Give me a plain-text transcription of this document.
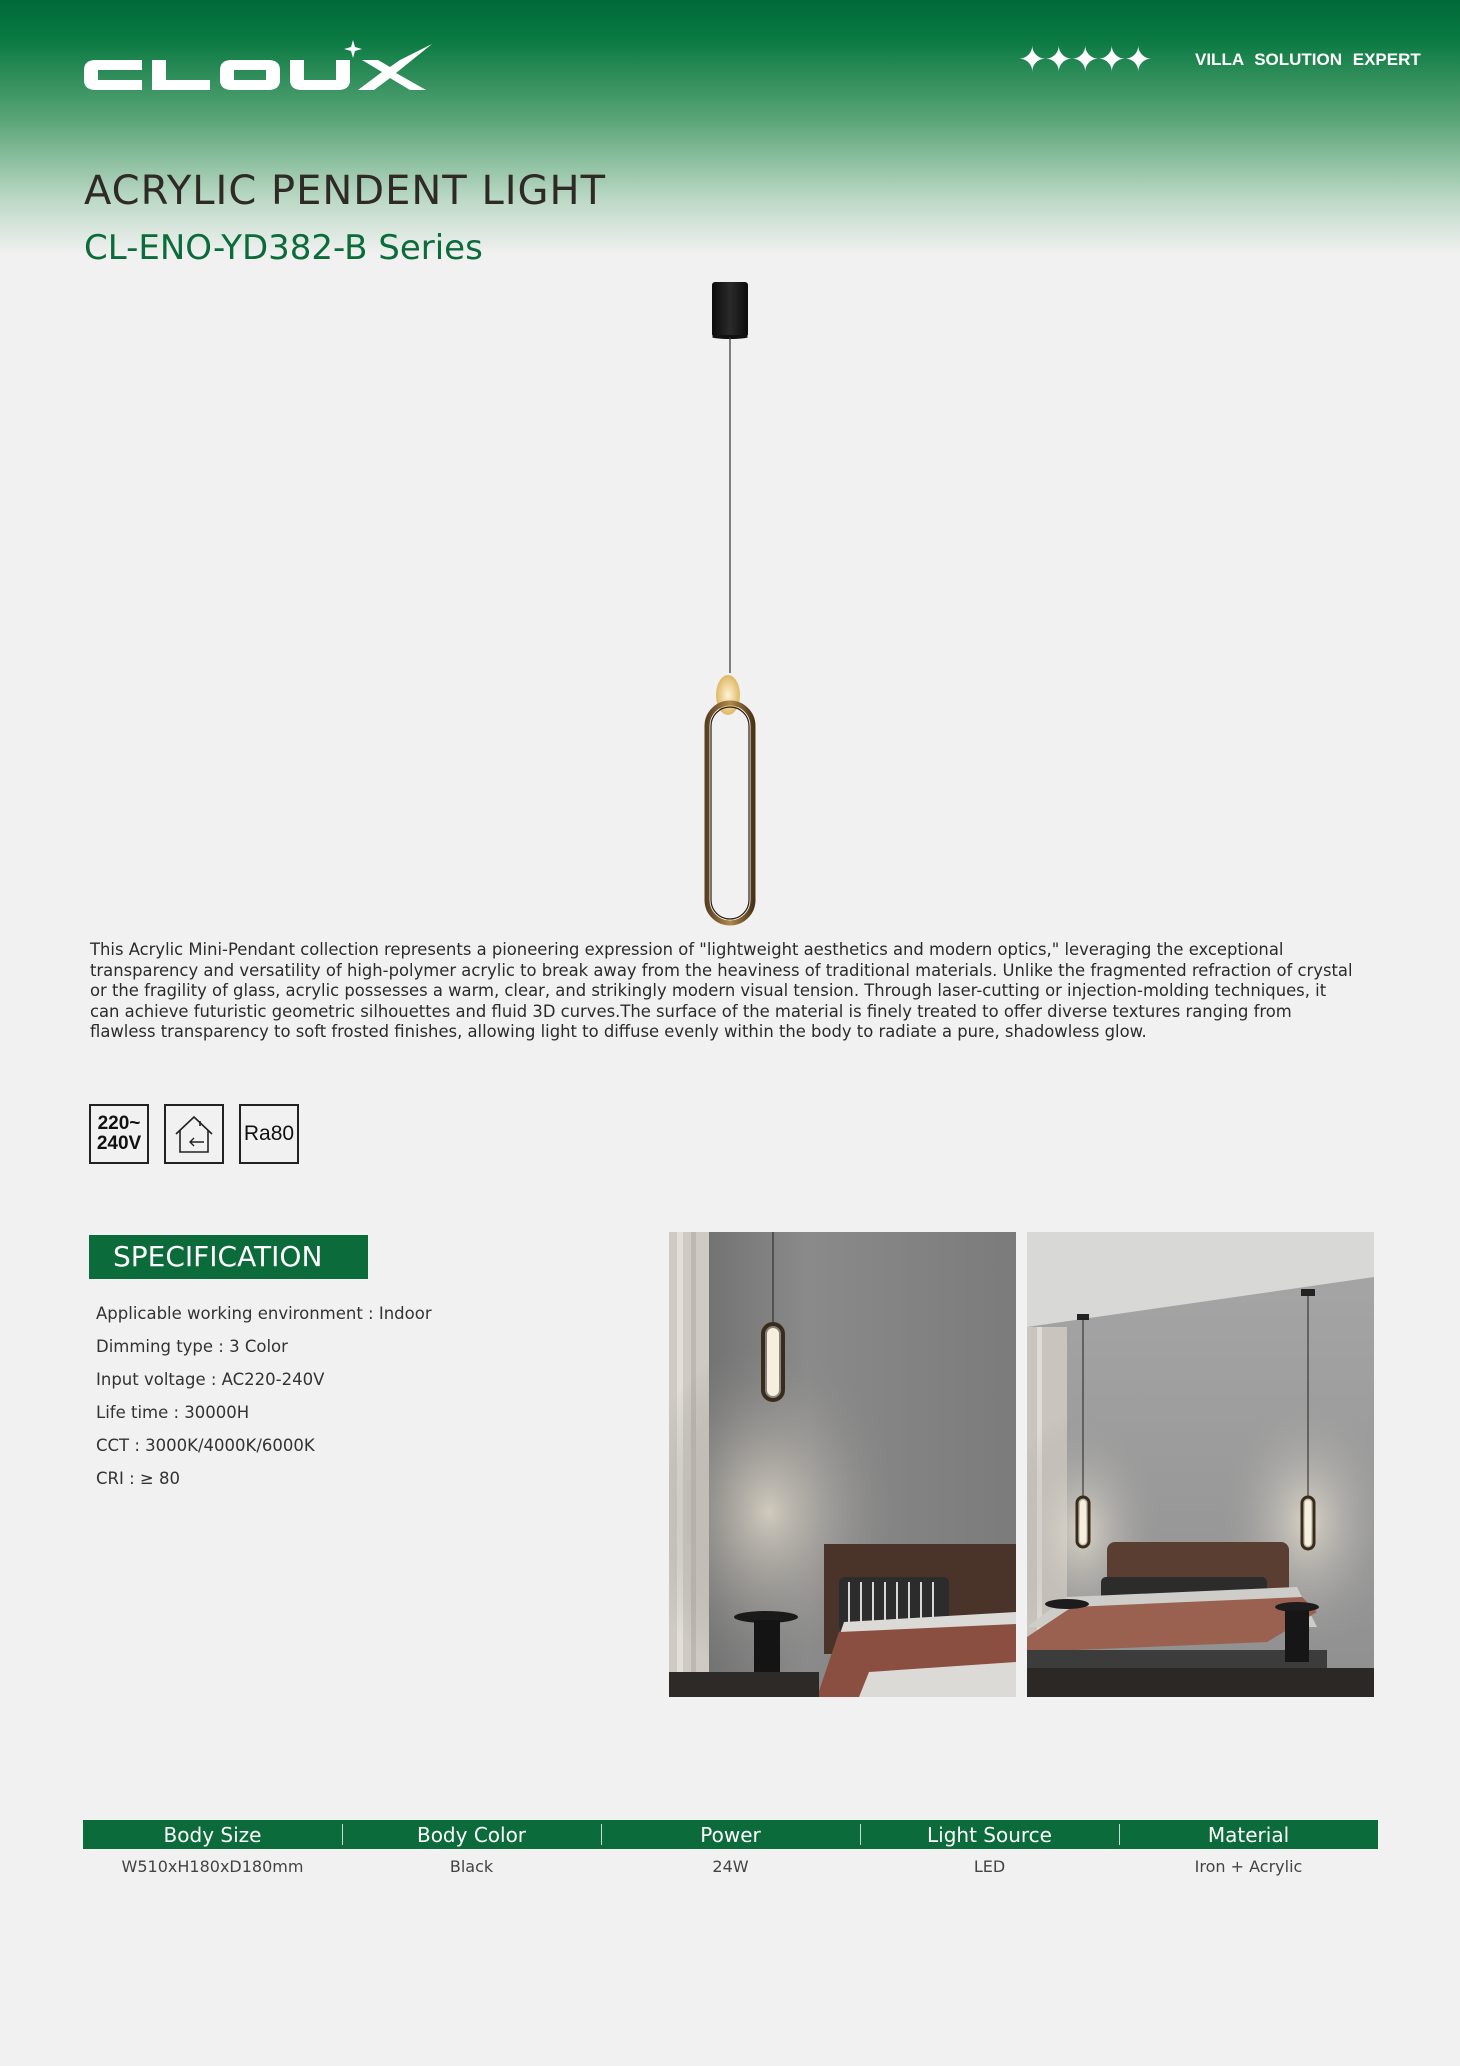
CLOUX	✦✦✦✦✦	VILLA SOLUTION EXPERT
ACRYLIC PENDENT LIGHT
CL-ENO-YD382-B Series
This Acrylic Mini-Pendant collection represents a pioneering expression of "lightweight aesthetics and modern optics," leveraging the exceptional transparency and versatility of high-polymer acrylic to break away from the heaviness of traditional materials. Unlike the fragmented refraction of crystal or the fragility of glass, acrylic possesses a warm, clear, and strikingly modern visual tension. Through laser-cutting or injection-molding techniques, it can achieve futuristic geometric silhouettes and fluid 3D curves.The surface of the material is finely treated to offer diverse textures ranging from flawless transparency to soft frosted finishes, allowing light to diffuse evenly within the body to radiate a pure, shadowless glow.
220~
240V	Ra80
SPECIFICATION
Applicable working environment : Indoor
Dimming type : 3 Color
Input voltage : AC220-240V
Life time : 30000H
CCT : 3000K/4000K/6000K
CRI : ≥ 80
Body Size	Body Color	Power	Light Source	Material
W510xH180xD180mm	Black	24W	LED	Iron + Acrylic
